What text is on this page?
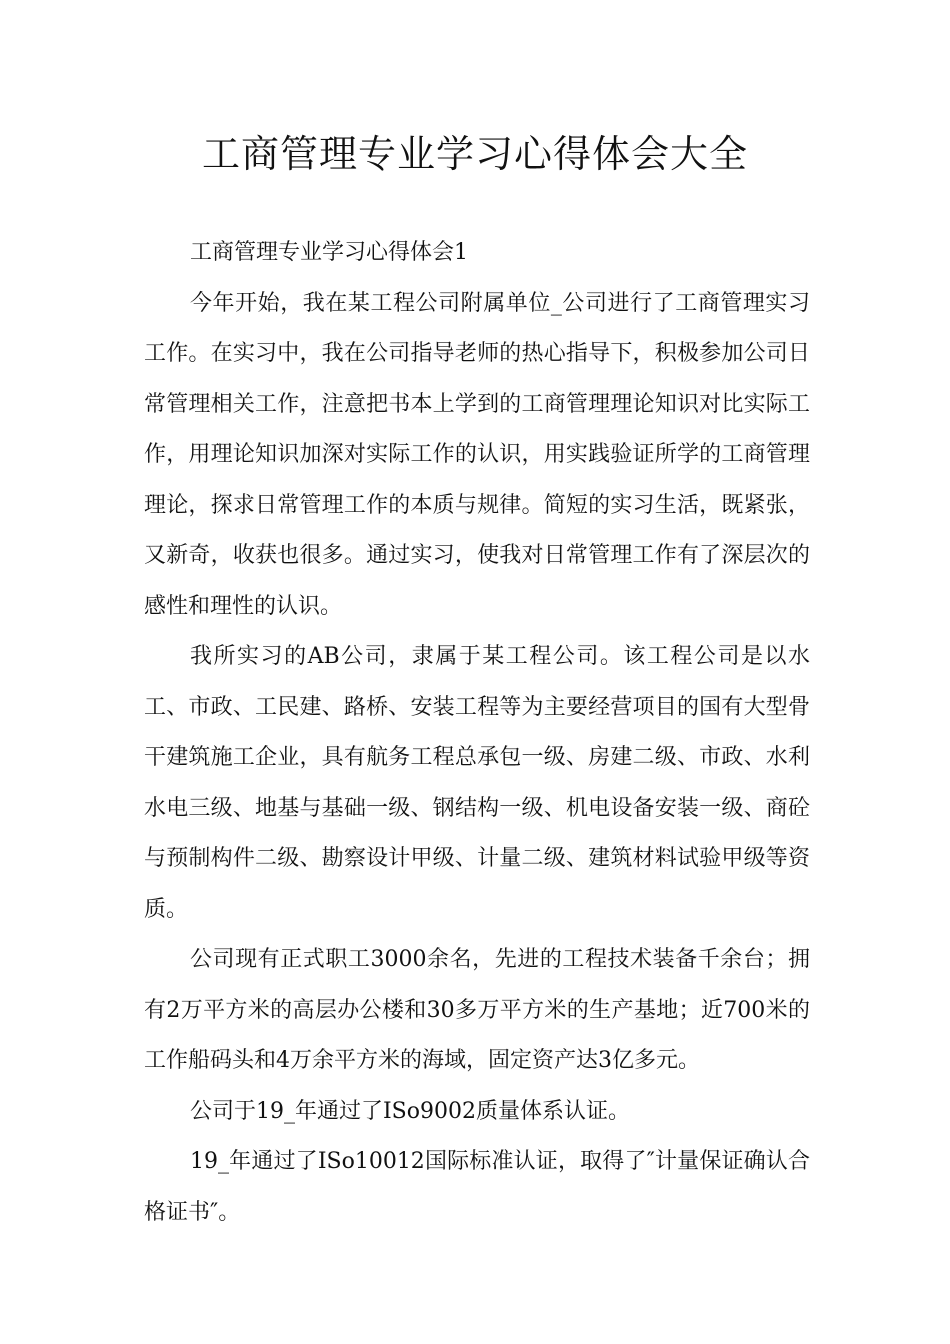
工商管理专业学习心得体会大全

工商管理专业学习心得体会1

今年开始，我在某工程公司附属单位_公司进行了工商管理实习工作。在实习中，我在公司指导老师的热心指导下，积极参加公司日常管理相关工作，注意把书本上学到的工商管理理论知识对比实际工作，用理论知识加深对实际工作的认识，用实践验证所学的工商管理理论，探求日常管理工作的本质与规律。简短的实习生活，既紧张，又新奇，收获也很多。通过实习，使我对日常管理工作有了深层次的感性和理性的认识。

我所实习的AB公司，隶属于某工程公司。该工程公司是以水工、市政、工民建、路桥、安装工程等为主要经营项目的国有大型骨干建筑施工企业，具有航务工程总承包一级、房建二级、市政、水利水电三级、地基与基础一级、钢结构一级、机电设备安装一级、商砼与预制构件二级、勘察设计甲级、计量二级、建筑材料试验甲级等资质。

公司现有正式职工3000余名，先进的工程技术装备千余台；拥有2万平方米的高层办公楼和30多万平方米的生产基地；近700米的工作船码头和4万余平方米的海域，固定资产达3亿多元。

公司于19_年通过了ISo9002质量体系认证。

19_年通过了ISo10012国际标准认证，取得了″计量保证确认合格证书″。
